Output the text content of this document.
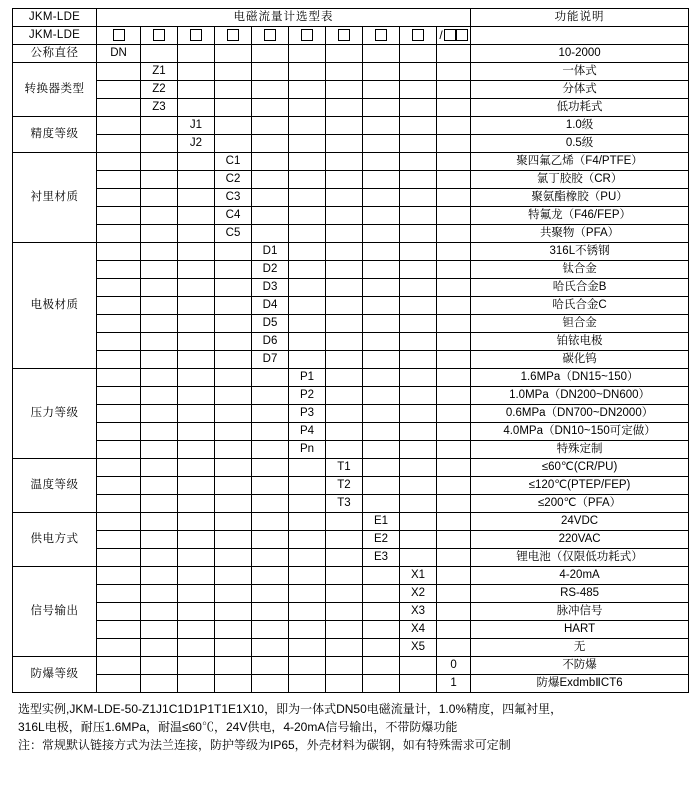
JKM-LDE	电磁流量计选型表										功能说明
JKM-LDE										/	
公称直径	DN										10-2000
转换器类型		Z1									一体式
		Z2									分体式
		Z3									低功耗式
精度等级			J1								1.0级
			J2								0.5级
衬里材质				C1							聚四氟乙烯（F4/PTFE）
				C2							氯丁胶胶（CR）
				C3							聚氨酯橡胶（PU）
				C4							特氟龙（F46/FEP）
				C5							共聚物（PFA）
电极材质					D1						316L不锈钢
					D2						钛合金
					D3						哈氏合金B
					D4						哈氏合金C
					D5						钽合金
					D6						铂铱电极
					D7						碳化钨
压力等级						P1					1.6MPa（DN15~150）
						P2					1.0MPa（DN200~DN600）
						P3					0.6MPa（DN700~DN2000）
						P4					4.0MPa（DN10~150可定做）
						Pn					特殊定制
温度等级							T1				≤60℃(CR/PU)
							T2				≤120℃(PTEP/FEP)
							T3				≤200℃（PFA）
供电方式								E1			24VDC
								E2			220VAC
								E3			锂电池（仅限低功耗式）
信号输出									X1		4-20mA
									X2		RS-485
									X3		脉冲信号
									X4		HART
									X5		无
防爆等级										0	不防爆
										1	防爆ExdmbⅡCT6
选型实例,JKM-LDE-50-Z1J1C1D1P1T1E1X10，即为一体式DN50电磁流量计，1.0%精度，四氟衬里，
316L电极，耐压1.6MPa，耐温≤60℃，24V供电，4-20mA信号输出，不带防爆功能
注：常规默认链接方式为法兰连接，防护等级为IP65，外壳材料为碳钢，如有特殊需求可定制
